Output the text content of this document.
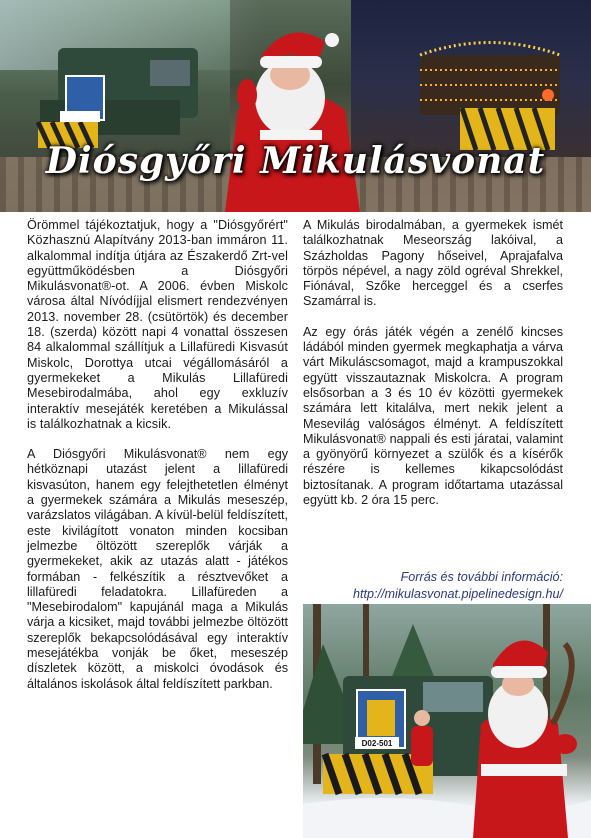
Diósgyőri Mikulásvonat

Örömmel tájékoztatjuk, hogy a "Diósgyőrért" Közhasznú Alapítvány 2013-ban immáron 11. alkalommal indítja útjára az Északerdő Zrt-vel együttműködésben a Diósgyőri Mikulásvonat®-ot. A 2006. évben Miskolc városa által Nívódíjjal elismert rendezvényen 2013. november 28. (csütörtök) és december 18. (szerda) között napi 4 vonattal összesen 84 alkalommal szállítjuk a Lillafüredi Kisvasút Miskolc, Dorottya utcai végállomásáról a gyermekeket a Mikulás Lillafüredi Mesebirodalmába, ahol egy exkluzív interaktív mesejáték keretében a Mikulással is találkozhatnak a kicsik.

A Diósgyőri Mikulásvonat® nem egy hétköznapi utazást jelent a lillafüredi kisvasúton, hanem egy felejthetetlen élményt a gyermekek számára a Mikulás meseszép, varázslatos világában. A kívül-belül feldíszített, este kivilágított vonaton minden kocsiban jelmezbe öltözött szereplők várják a gyermekeket, akik az utazás alatt - játékos formában - felkészítik a résztvevőket a lillafüredi feladatokra. Lillafüreden a "Mesebirodalom" kapujánál maga a Mikulás várja a kicsiket, majd további jelmezbe öltözött szereplők bekapcsolódásával egy interaktív mesejátékba vonják be őket, meseszép díszletek között, a miskolci óvodások és általános iskolások által feldíszített parkban.

A Mikulás birodalmában, a gyermekek ismét találkozhatnak Meseország lakóival, a Százholdas Pagony hőseivel, Aprajafalva törpös népével, a nagy zöld ogréval Shrekkel, Fiónával, Szőke herceggel és a cserfes Szamárral is.

Az egy órás játék végén a zenélő kincses ládából minden gyermek megkaphatja a várva várt Mikuláscsomagot, majd a krampuszokkal együtt visszautaznak Miskolcra. A program elsősorban a 3 és 10 év közötti gyermekek számára lett kitalálva, mert nekik jelent a Mesevilág valóságos élményt. A feldíszített Mikulásvonat® nappali és esti járatai, valamint a gyönyörű környezet a szülők és a kísérők részére is kellemes kikapcsolódást biztosítanak. A program időtartama utazással együtt kb. 2 óra 15 perc.

Forrás és további információ:
http://mikulasvonat.pipelinedesign.hu/
D02-501
